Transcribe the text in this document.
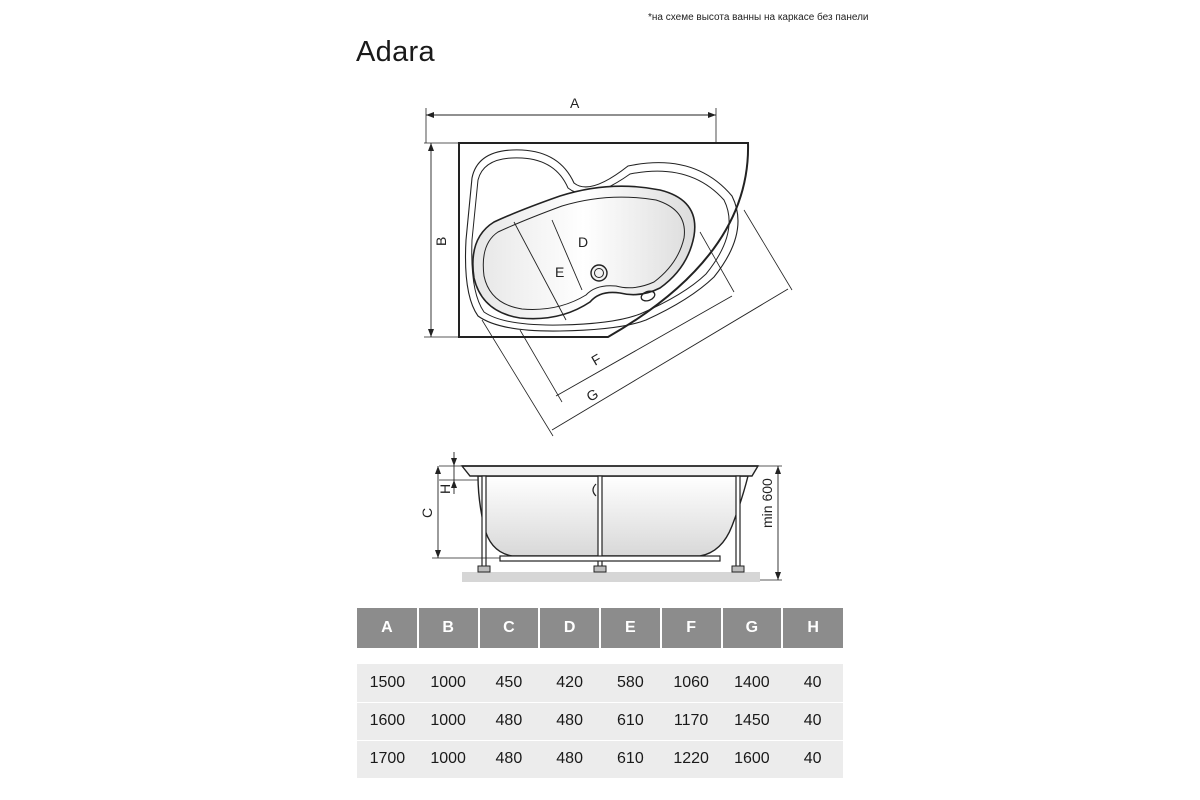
*на схеме высота ванны на каркасе без панели
Adara
A
B	D
E
F
G
H
C	min 600
A	B	C	D	E	F	G	H

1500	1000	450	420	580	1060	1400	40
1600	1000	480	480	610	1170	1450	40
1700	1000	480	480	610	1220	1600	40
